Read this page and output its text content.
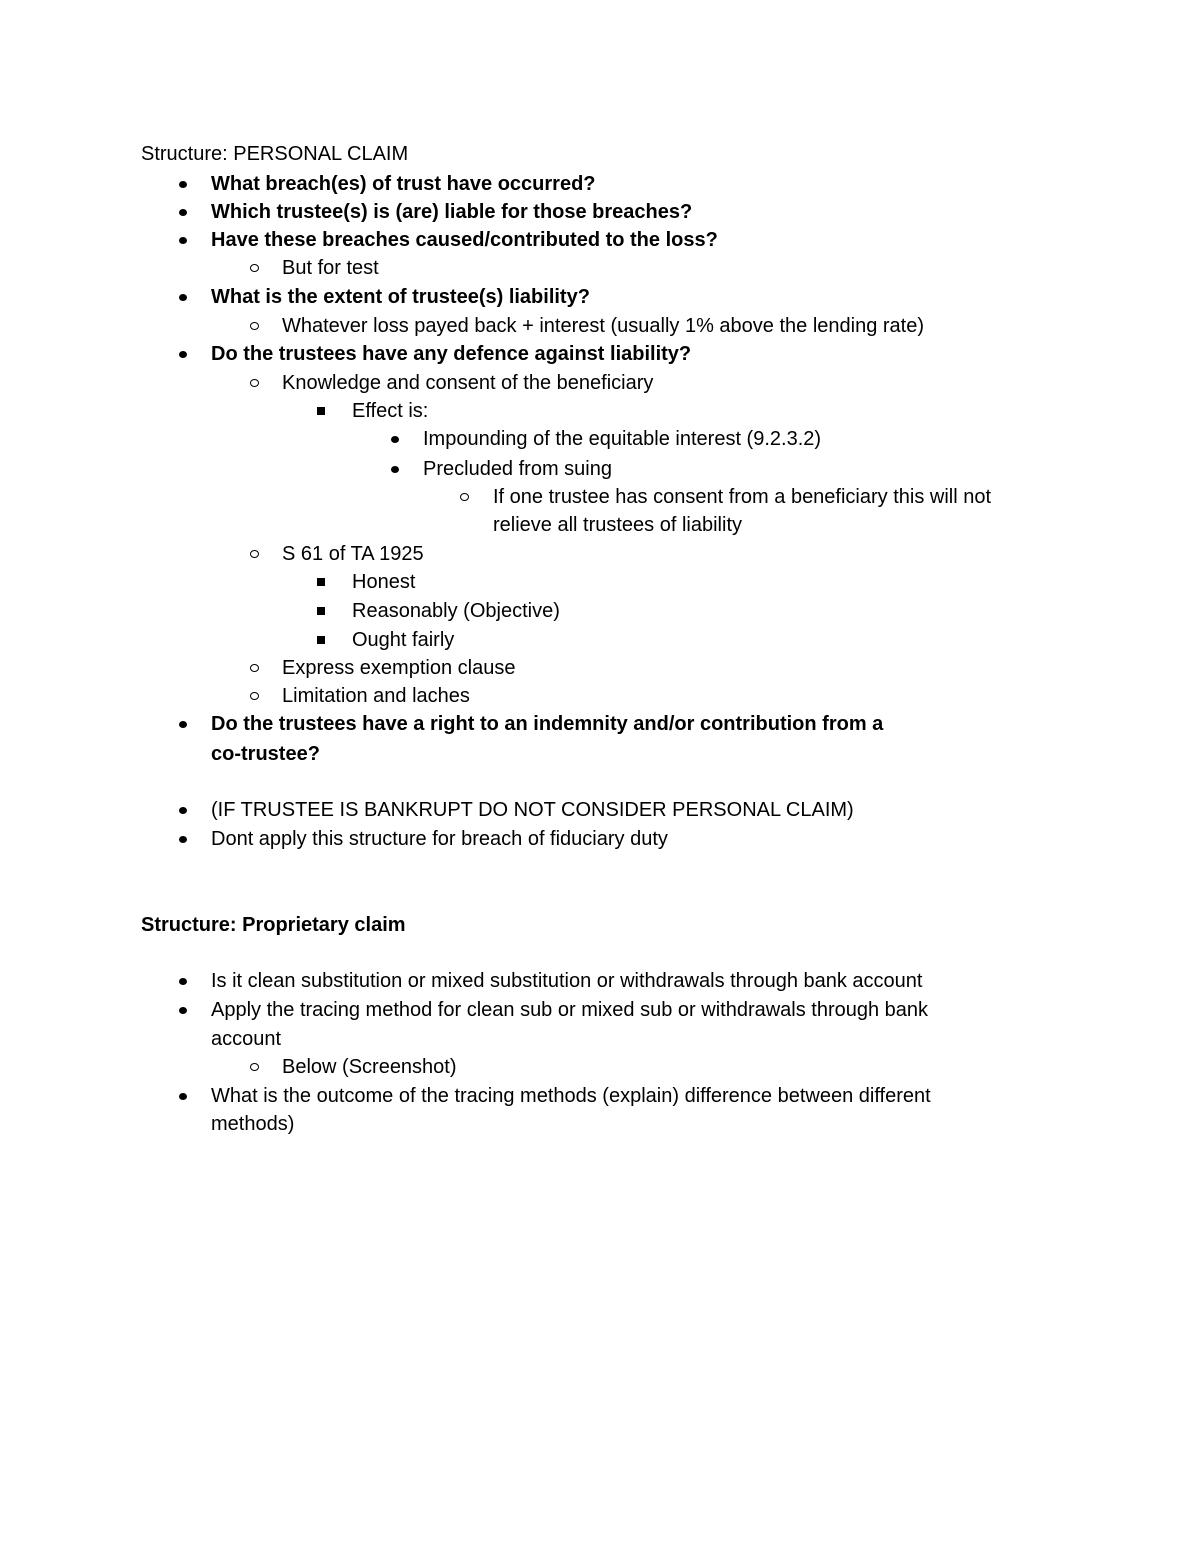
Structure: PERSONAL CLAIM
What breach(es) of trust have occurred?
Which trustee(s) is (are) liable for those breaches?
Have these breaches caused/contributed to the loss?
But for test
What is the extent of trustee(s) liability?
Whatever loss payed back + interest (usually 1% above the lending rate)
Do the trustees have any defence against liability?
Knowledge and consent of the beneficiary
Effect is:
Impounding of the equitable interest (9.2.3.2)
Precluded from suing
If one trustee has consent from a beneficiary this will not
relieve all trustees of liability
S 61 of TA 1925
Honest
Reasonably (Objective)
Ought fairly
Express exemption clause
Limitation and laches
Do the trustees have a right to an indemnity and/or contribution from a
co-trustee?
(IF TRUSTEE IS BANKRUPT DO NOT CONSIDER PERSONAL CLAIM)
Dont apply this structure for breach of fiduciary duty
Structure: Proprietary claim
Is it clean substitution or mixed substitution or withdrawals through bank account
Apply the tracing method for clean sub or mixed sub or withdrawals through bank
account
Below (Screenshot)
What is the outcome of the tracing methods (explain) difference between different
methods)
